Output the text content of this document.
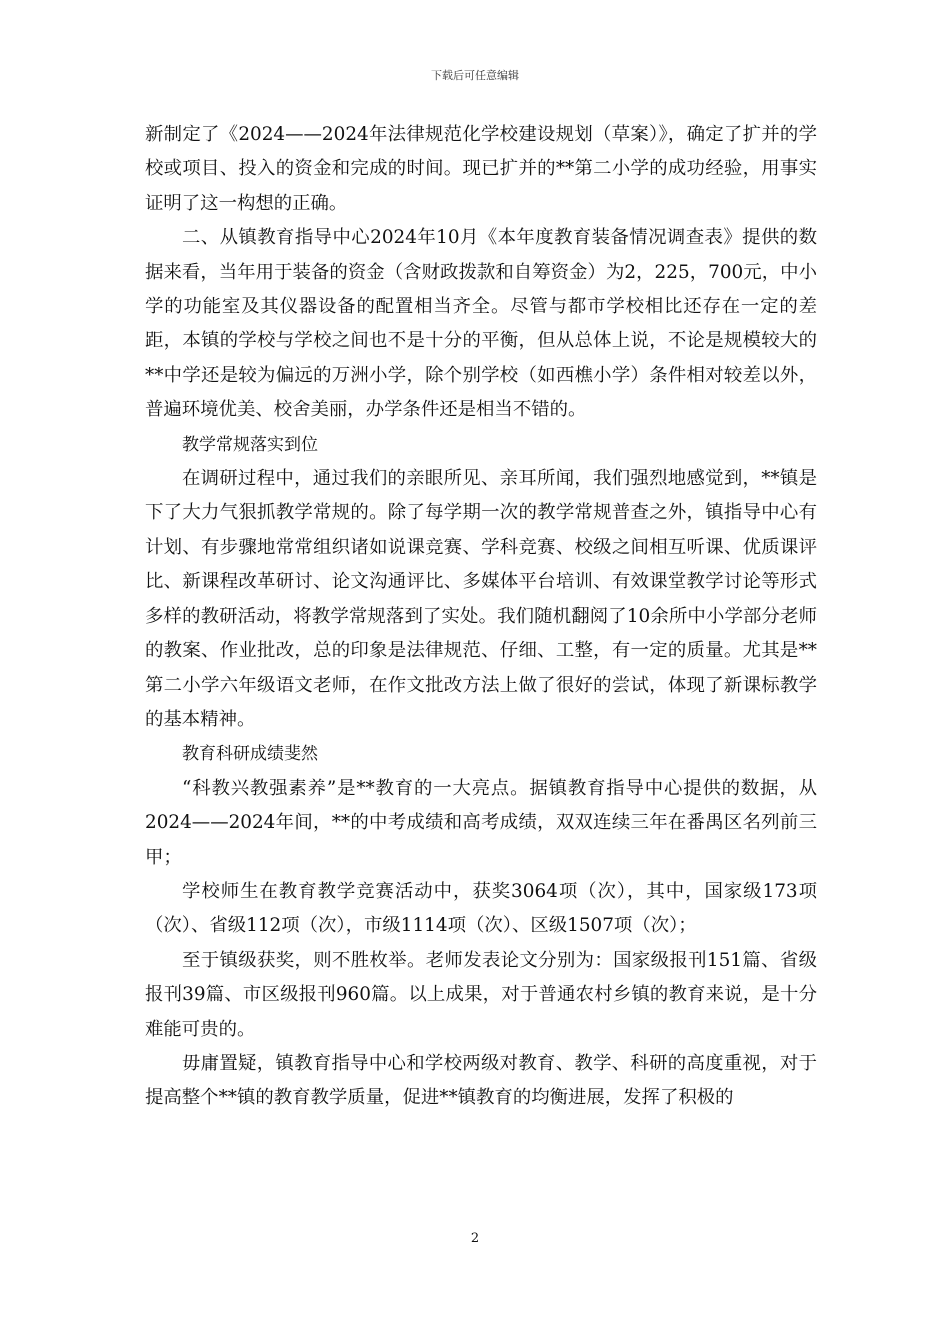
下载后可任意编辑

新制定了《2024——2024年法律规范化学校建设规划（草案）》，确定了扩并的学校或项目、投入的资金和完成的时间。现已扩并的**第二小学的成功经验，用事实证明了这一构想的正确。

二、从镇教育指导中心2024年10月《本年度教育装备情况调查表》提供的数据来看，当年用于装备的资金（含财政拨款和自筹资金）为2，225，700元，中小学的功能室及其仪器设备的配置相当齐全。尽管与都市学校相比还存在一定的差距，本镇的学校与学校之间也不是十分的平衡，但从总体上说，不论是规模较大的**中学还是较为偏远的万洲小学，除个别学校（如西樵小学）条件相对较差以外，普遍环境优美、校舍美丽，办学条件还是相当不错的。

教学常规落实到位

在调研过程中，通过我们的亲眼所见、亲耳所闻，我们强烈地感觉到，**镇是下了大力气狠抓教学常规的。除了每学期一次的教学常规普查之外，镇指导中心有计划、有步骤地常常组织诸如说课竞赛、学科竞赛、校级之间相互听课、优质课评比、新课程改革研讨、论文沟通评比、多媒体平台培训、有效课堂教学讨论等形式多样的教研活动，将教学常规落到了实处。我们随机翻阅了10余所中小学部分老师的教案、作业批改，总的印象是法律规范、仔细、工整，有一定的质量。尤其是**第二小学六年级语文老师，在作文批改方法上做了很好的尝试，体现了新课标教学的基本精神。

教育科研成绩斐然

“科教兴教强素养”是**教育的一大亮点。据镇教育指导中心提供的数据，从2024——2024年间，**的中考成绩和高考成绩，双双连续三年在番禺区名列前三甲；

学校师生在教育教学竞赛活动中，获奖3064项（次），其中，国家级173项（次）、省级112项（次），市级1114项（次）、区级1507项（次）；

至于镇级获奖，则不胜枚举。老师发表论文分别为：国家级报刊151篇、省级报刊39篇、市区级报刊960篇。以上成果，对于普通农村乡镇的教育来说，是十分难能可贵的。

毋庸置疑，镇教育指导中心和学校两级对教育、教学、科研的高度重视，对于提高整个**镇的教育教学质量，促进**镇教育的均衡进展，发挥了积极的

2
